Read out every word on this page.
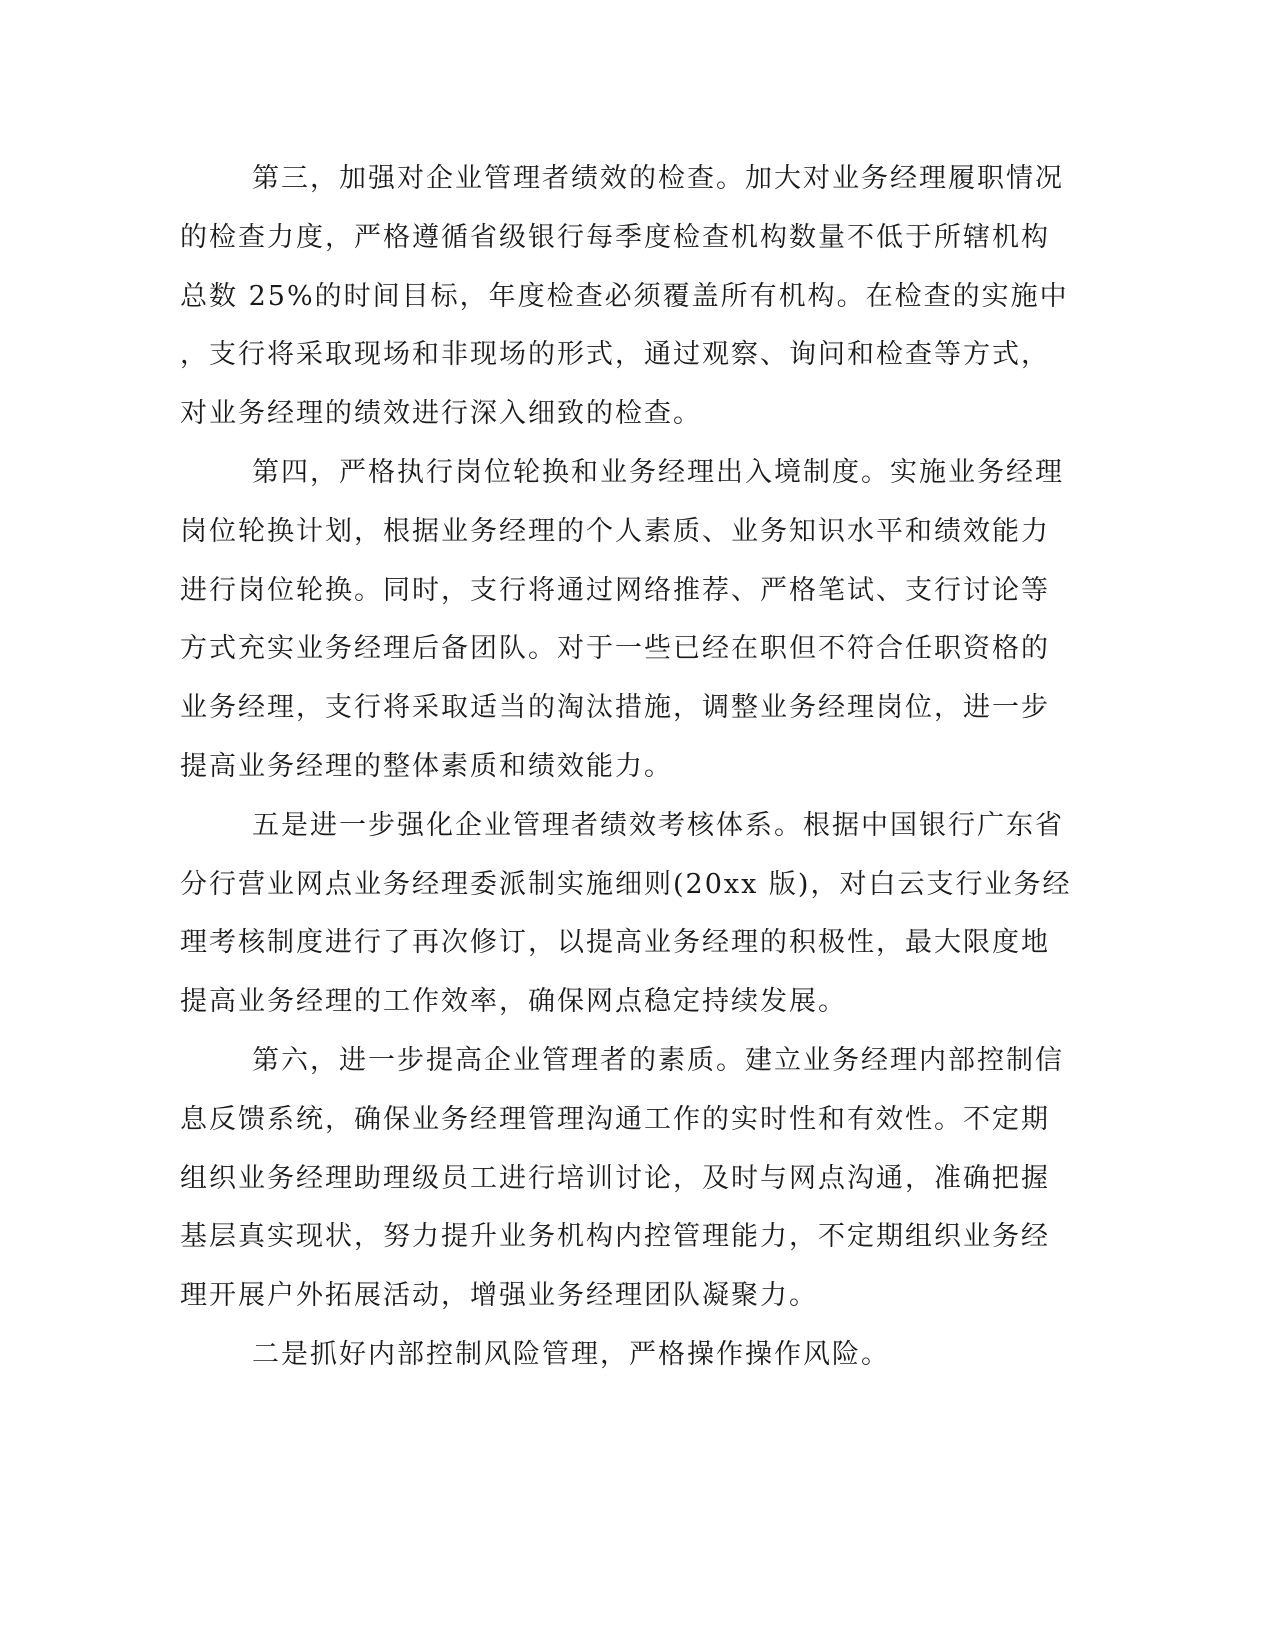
第三，加强对企业管理者绩效的检查。加大对业务经理履职情况
的检查力度，严格遵循省级银行每季度检查机构数量不低于所辖机构
总数 25%的时间目标，年度检查必须覆盖所有机构。在检查的实施中
，支行将采取现场和非现场的形式，通过观察、询问和检查等方式，
对业务经理的绩效进行深入细致的检查。
第四，严格执行岗位轮换和业务经理出入境制度。实施业务经理
岗位轮换计划，根据业务经理的个人素质、业务知识水平和绩效能力
进行岗位轮换。同时，支行将通过网络推荐、严格笔试、支行讨论等
方式充实业务经理后备团队。对于一些已经在职但不符合任职资格的
业务经理，支行将采取适当的淘汰措施，调整业务经理岗位，进一步
提高业务经理的整体素质和绩效能力。
五是进一步强化企业管理者绩效考核体系。根据中国银行广东省
分行营业网点业务经理委派制实施细则(20xx 版)，对白云支行业务经
理考核制度进行了再次修订，以提高业务经理的积极性，最大限度地
提高业务经理的工作效率，确保网点稳定持续发展。
第六，进一步提高企业管理者的素质。建立业务经理内部控制信
息反馈系统，确保业务经理管理沟通工作的实时性和有效性。不定期
组织业务经理助理级员工进行培训讨论，及时与网点沟通，准确把握
基层真实现状，努力提升业务机构内控管理能力，不定期组织业务经
理开展户外拓展活动，增强业务经理团队凝聚力。
二是抓好内部控制风险管理，严格操作操作风险。
